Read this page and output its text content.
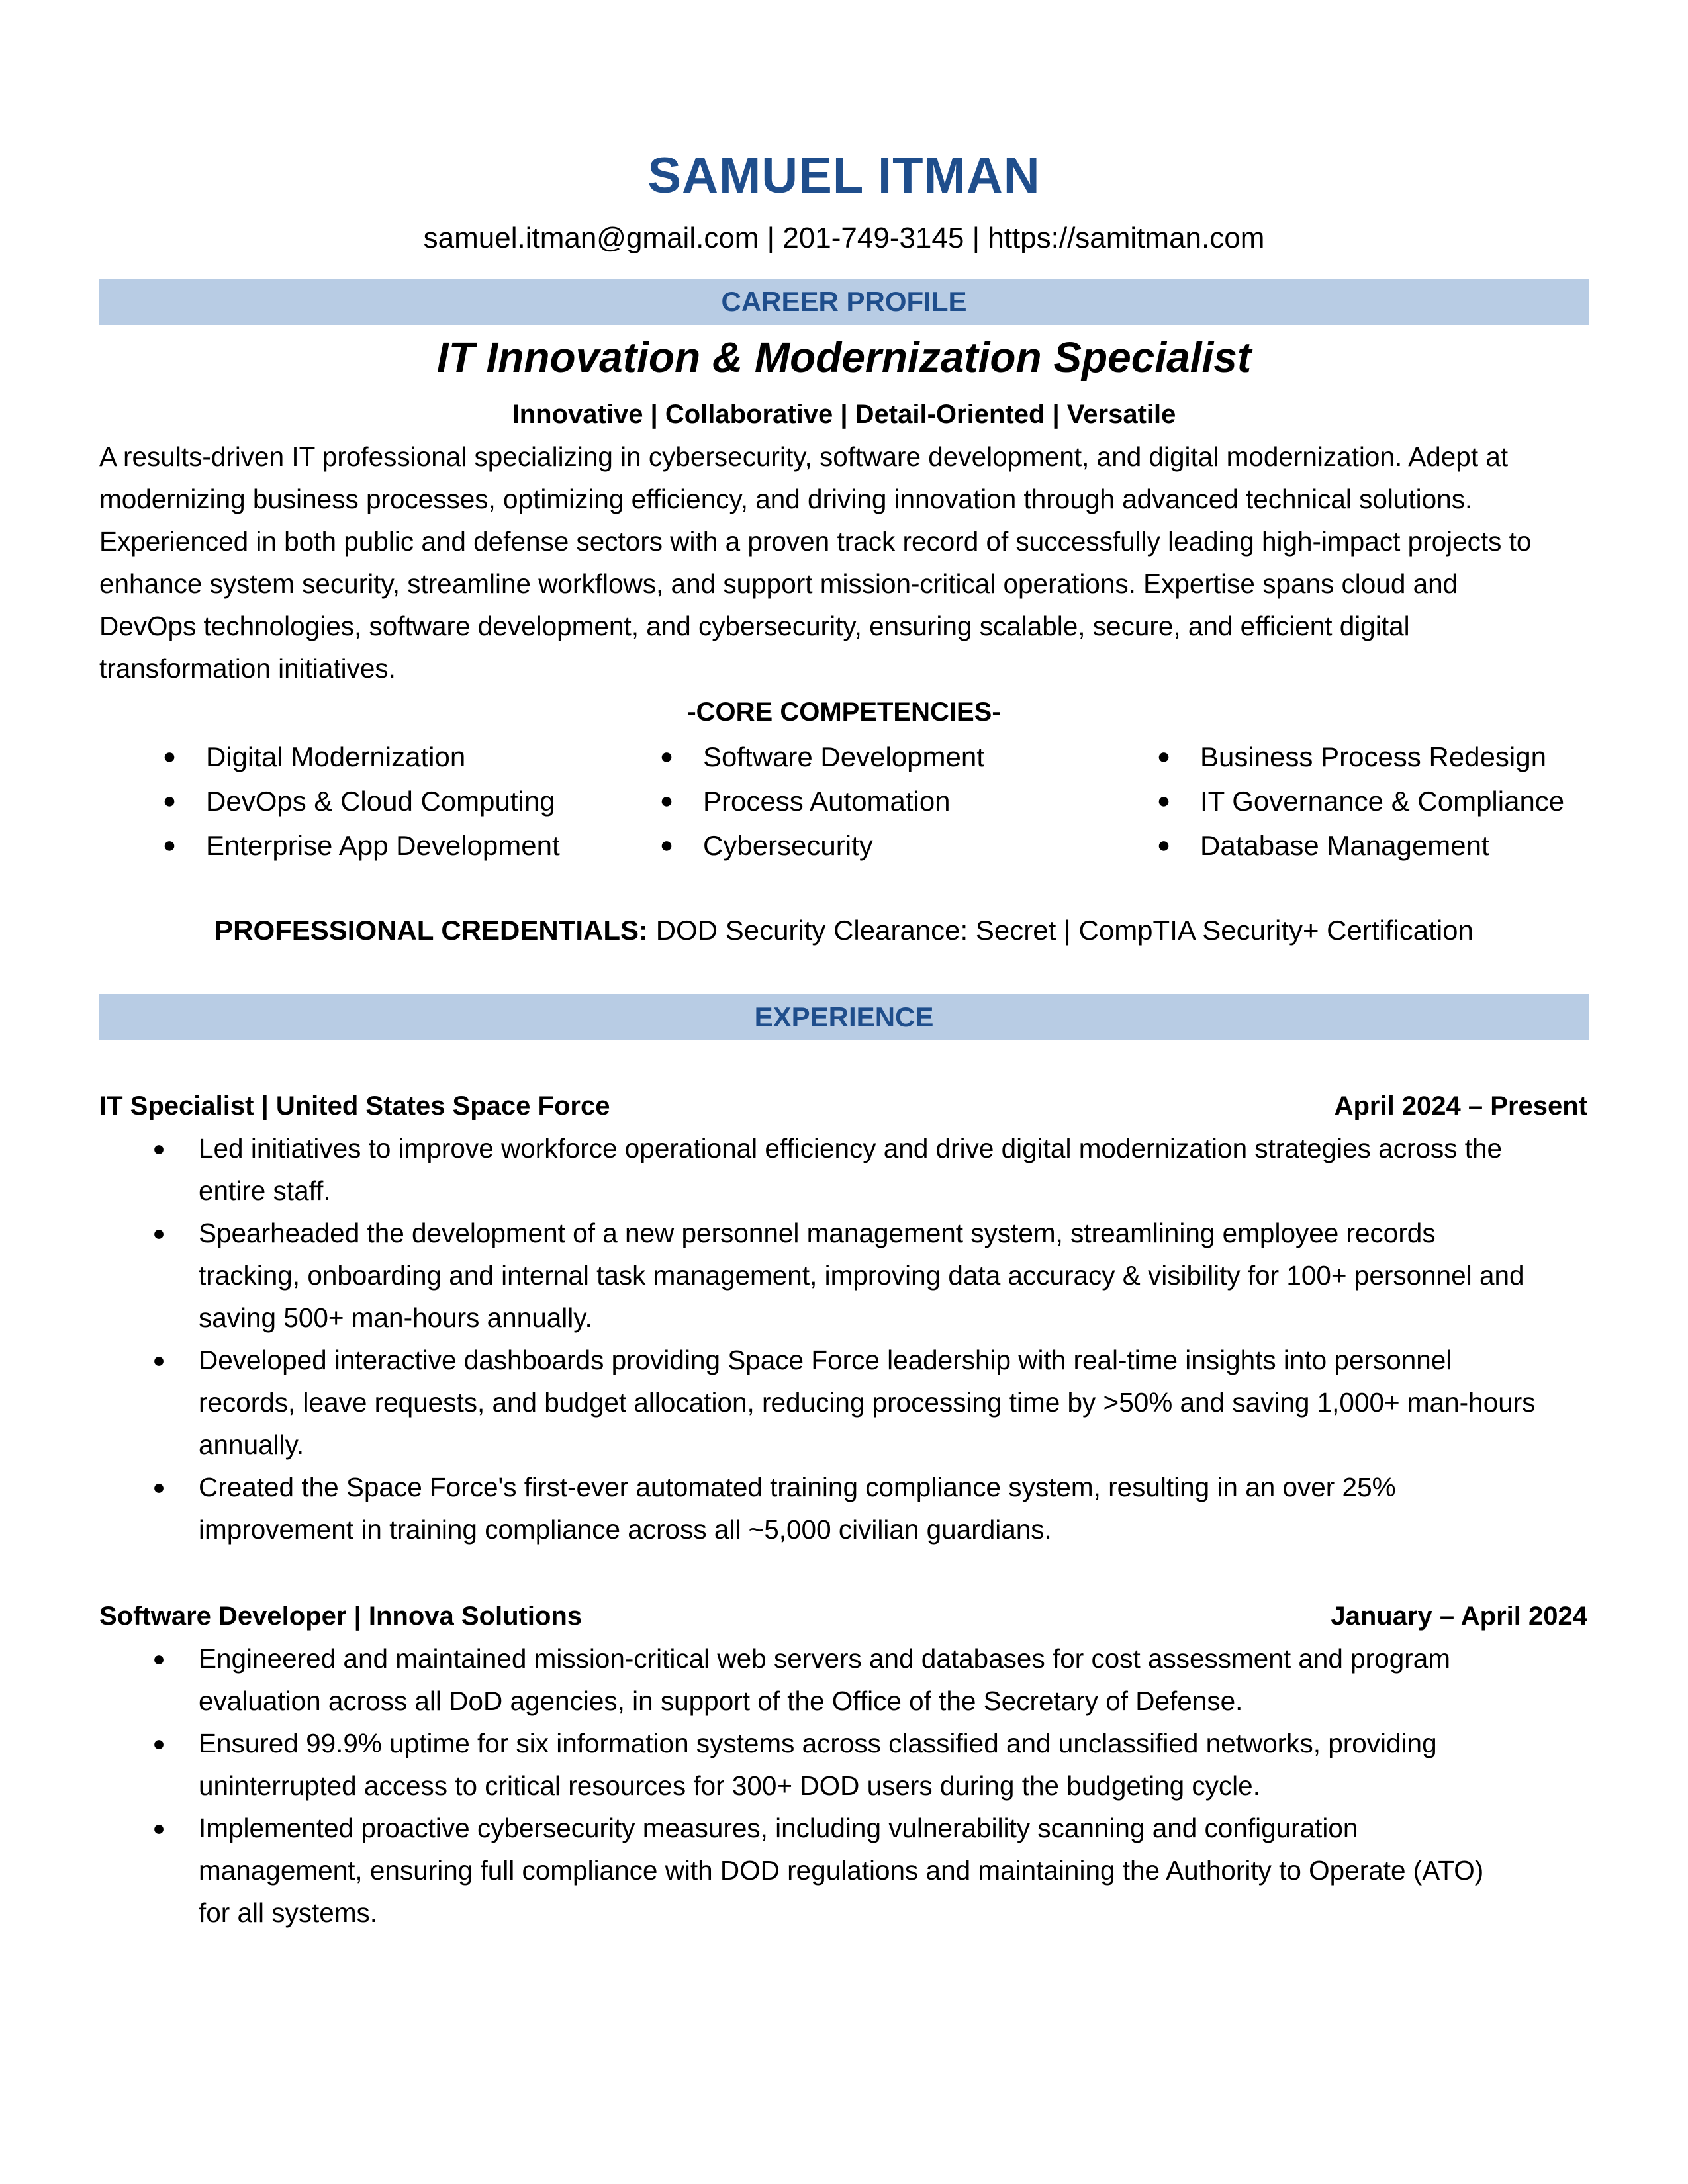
SAMUEL ITMAN
samuel.itman@gmail.com | 201-749-3145 | https://samitman.com
CAREER PROFILE
IT Innovation & Modernization Specialist
Innovative | Collaborative | Detail-Oriented | Versatile
A results-driven IT professional specializing in cybersecurity, software development, and digital modernization. Adept at
modernizing business processes, optimizing efficiency, and driving innovation through advanced technical solutions.
Experienced in both public and defense sectors with a proven track record of successfully leading high-impact projects to
enhance system security, streamline workflows, and support mission-critical operations. Expertise spans cloud and
DevOps technologies, software development, and cybersecurity, ensuring scalable, secure, and efficient digital
transformation initiatives.
-CORE COMPETENCIES-
● Digital Modernization
● DevOps & Cloud Computing
● Enterprise App Development
● Software Development
● Process Automation
● Cybersecurity
● Business Process Redesign
● IT Governance & Compliance
● Database Management
PROFESSIONAL CREDENTIALS: DOD Security Clearance: Secret | CompTIA Security+ Certification
EXPERIENCE
IT Specialist | United States Space Force	April 2024 – Present
● Led initiatives to improve workforce operational efficiency and drive digital modernization strategies across the
entire staff.
● Spearheaded the development of a new personnel management system, streamlining employee records
tracking, onboarding and internal task management, improving data accuracy & visibility for 100+ personnel and
saving 500+ man-hours annually.
● Developed interactive dashboards providing Space Force leadership with real-time insights into personnel
records, leave requests, and budget allocation, reducing processing time by >50% and saving 1,000+ man-hours
annually.
● Created the Space Force's first-ever automated training compliance system, resulting in an over 25%
improvement in training compliance across all ~5,000 civilian guardians.
Software Developer | Innova Solutions	January – April 2024
● Engineered and maintained mission-critical web servers and databases for cost assessment and program
evaluation across all DoD agencies, in support of the Office of the Secretary of Defense.
● Ensured 99.9% uptime for six information systems across classified and unclassified networks, providing
uninterrupted access to critical resources for 300+ DOD users during the budgeting cycle.
● Implemented proactive cybersecurity measures, including vulnerability scanning and configuration
management, ensuring full compliance with DOD regulations and maintaining the Authority to Operate (ATO)
for all systems.
